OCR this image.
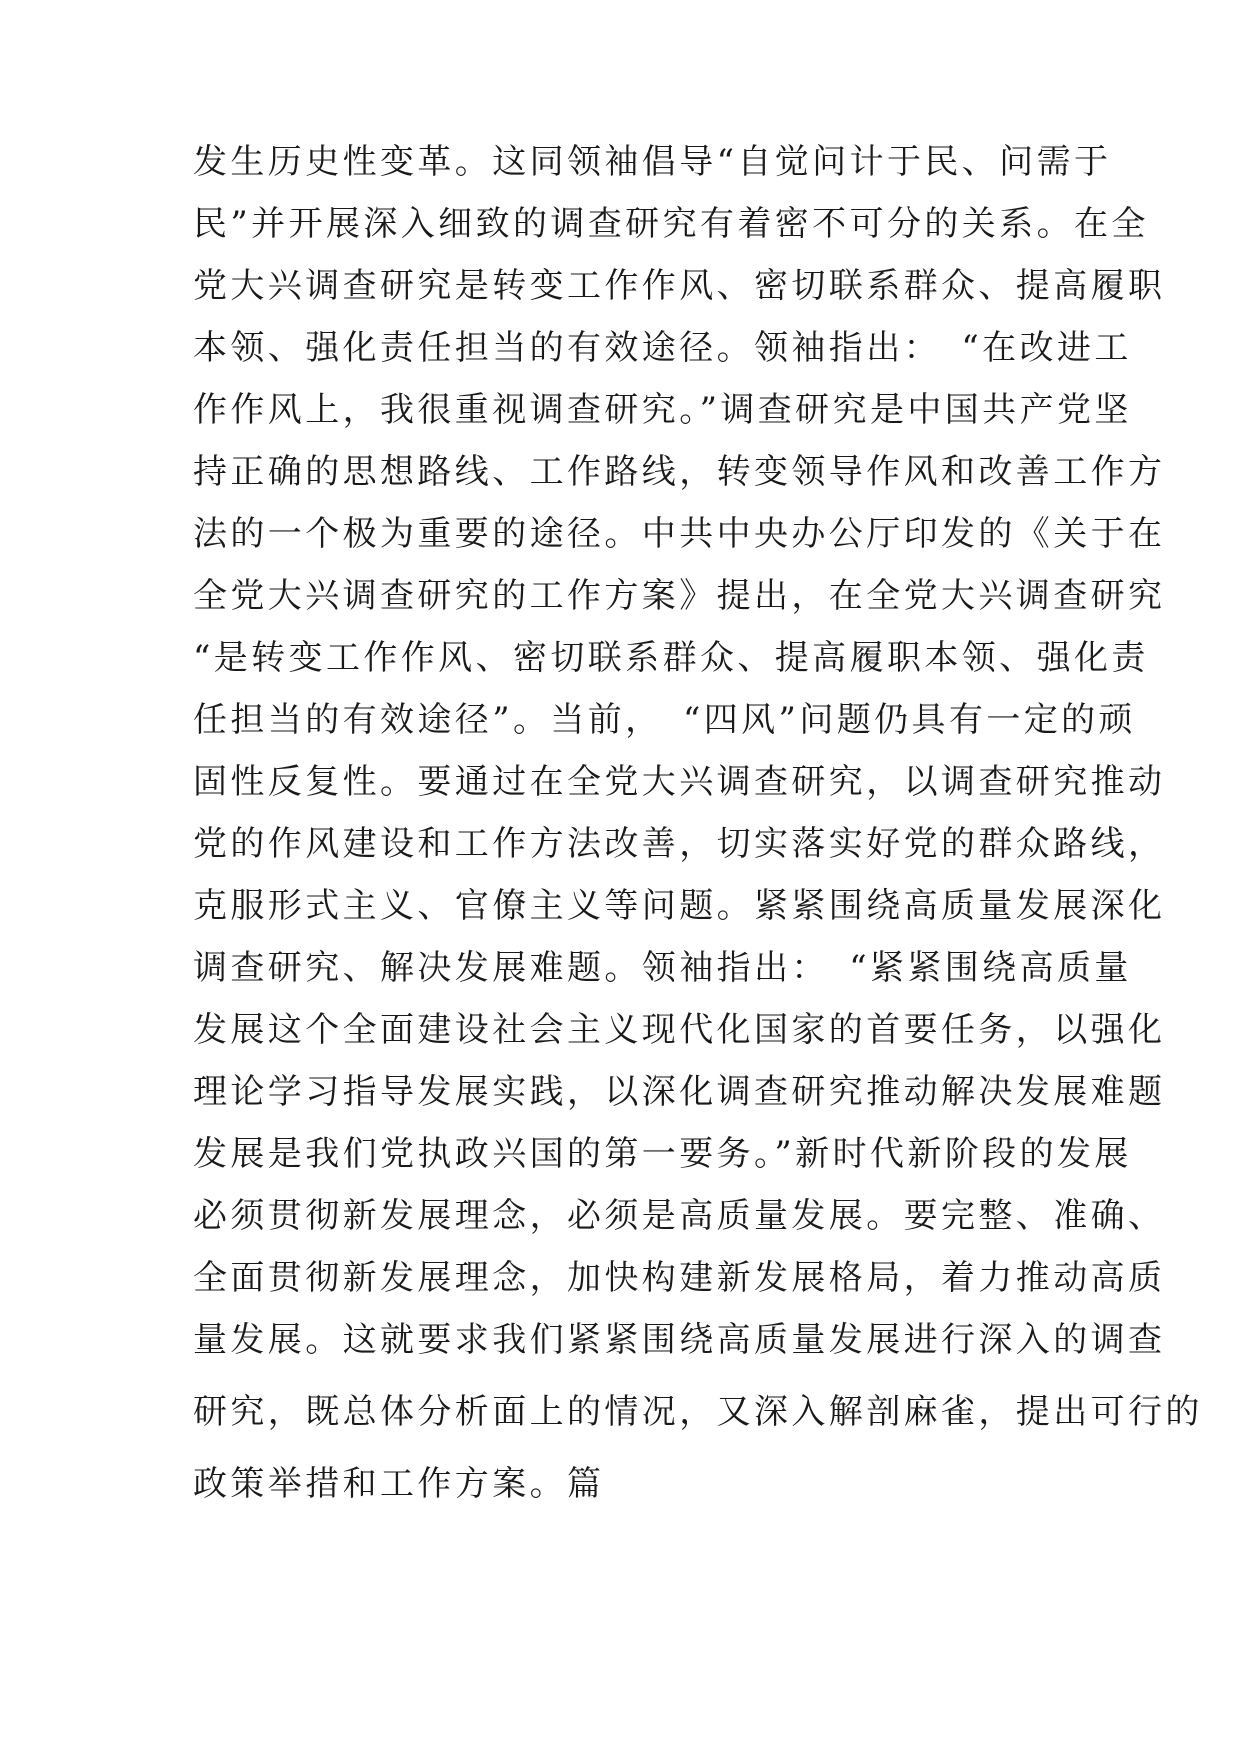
发生历史性变革。这同领袖倡导“自觉问计于民、问需于
民”并开展深入细致的调查研究有着密不可分的关系。在全
党大兴调查研究是转变工作作风、密切联系群众、提高履职
本领、强化责任担当的有效途径。领袖指出：　“在改进工
作作风上，我很重视调查研究。”调查研究是中国共产党坚
持正确的思想路线、工作路线，转变领导作风和改善工作方
法的一个极为重要的途径。中共中央办公厅印发的《关于在
全党大兴调查研究的工作方案》提出，在全党大兴调查研究
“是转变工作作风、密切联系群众、提高履职本领、强化责
任担当的有效途径”。当前，　“四风”问题仍具有一定的顽
固性反复性。要通过在全党大兴调查研究，以调查研究推动
党的作风建设和工作方法改善，切实落实好党的群众路线，
克服形式主义、官僚主义等问题。紧紧围绕高质量发展深化
调查研究、解决发展难题。领袖指出：　“紧紧围绕高质量
发展这个全面建设社会主义现代化国家的首要任务，以强化
理论学习指导发展实践，以深化调查研究推动解决发展难题
发展是我们党执政兴国的第一要务。”新时代新阶段的发展
必须贯彻新发展理念，必须是高质量发展。要完整、准确、
全面贯彻新发展理念，加快构建新发展格局，着力推动高质
量发展。这就要求我们紧紧围绕高质量发展进行深入的调查
研究，既总体分析面上的情况，又深入解剖麻雀，提出可行的
政策举措和工作方案。篇
